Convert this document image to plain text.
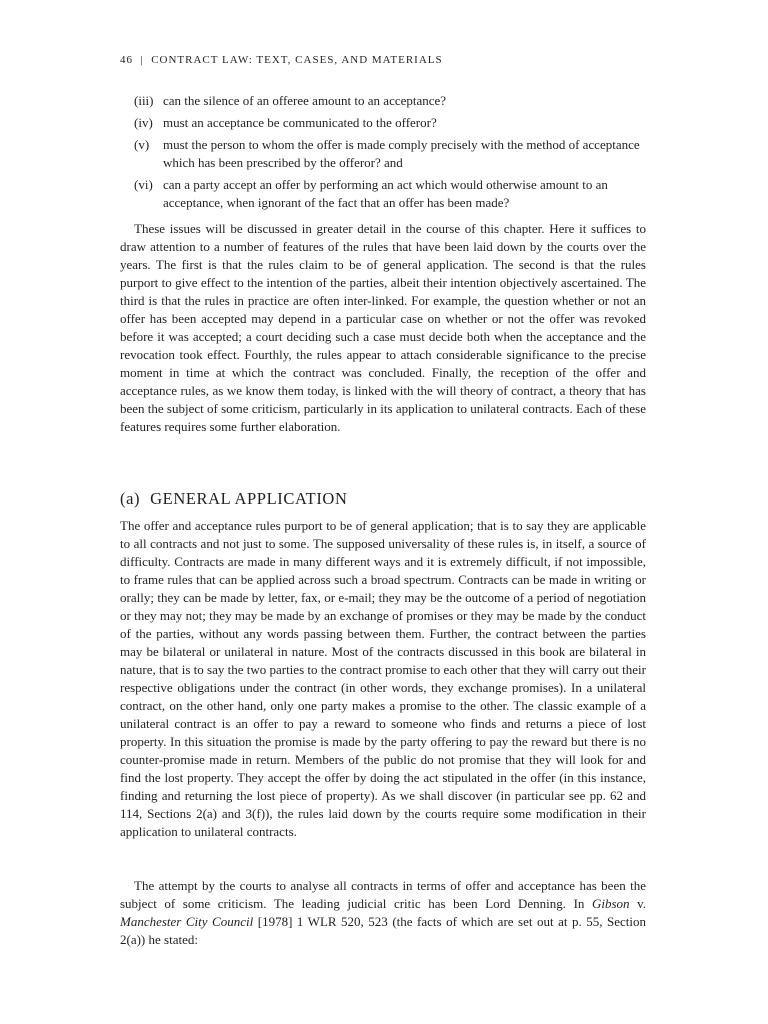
46 | CONTRACT LAW: TEXT, CASES, AND MATERIALS
(iii) can the silence of an offeree amount to an acceptance?
(iv) must an acceptance be communicated to the offeror?
(v) must the person to whom the offer is made comply precisely with the method of acceptance which has been prescribed by the offeror? and
(vi) can a party accept an offer by performing an act which would otherwise amount to an acceptance, when ignorant of the fact that an offer has been made?

These issues will be discussed in greater detail in the course of this chapter. Here it suffices to draw attention to a number of features of the rules that have been laid down by the courts over the years. The first is that the rules claim to be of general application. The second is that the rules purport to give effect to the intention of the parties, albeit their intention objectively ascertained. The third is that the rules in practice are often inter-linked. For example, the question whether or not an offer has been accepted may depend in a particular case on whether or not the offer was revoked before it was accepted; a court deciding such a case must decide both when the acceptance and the revocation took effect. Fourthly, the rules appear to attach considerable significance to the precise moment in time at which the contract was concluded. Finally, the reception of the offer and acceptance rules, as we know them today, is linked with the will theory of contract, a theory that has been the subject of some criticism, particularly in its application to unilateral contracts. Each of these features requires some further elaboration.

(a) GENERAL APPLICATION

The offer and acceptance rules purport to be of general application; that is to say they are applicable to all contracts and not just to some. The supposed universality of these rules is, in itself, a source of difficulty. Contracts are made in many different ways and it is extremely difficult, if not impossible, to frame rules that can be applied across such a broad spectrum. Contracts can be made in writing or orally; they can be made by letter, fax, or e-mail; they may be the outcome of a period of negotiation or they may not; they may be made by an exchange of promises or they may be made by the conduct of the parties, without any words passing between them. Further, the contract between the parties may be bilateral or unilateral in nature. Most of the contracts discussed in this book are bilateral in nature, that is to say the two parties to the contract promise to each other that they will carry out their respective obligations under the contract (in other words, they exchange promises). In a unilateral contract, on the other hand, only one party makes a promise to the other. The classic example of a unilateral contract is an offer to pay a reward to someone who finds and returns a piece of lost property. In this situation the promise is made by the party offering to pay the reward but there is no counter-promise made in return. Members of the public do not promise that they will look for and find the lost property. They accept the offer by doing the act stipulated in the offer (in this instance, finding and returning the lost piece of property). As we shall discover (in particular see pp. 62 and 114, Sections 2(a) and 3(f)), the rules laid down by the courts require some modification in their application to unilateral contracts.

The attempt by the courts to analyse all contracts in terms of offer and acceptance has been the subject of some criticism. The leading judicial critic has been Lord Denning. In Gibson v. Manchester City Council [1978] 1 WLR 520, 523 (the facts of which are set out at p. 55, Section 2(a)) he stated:
